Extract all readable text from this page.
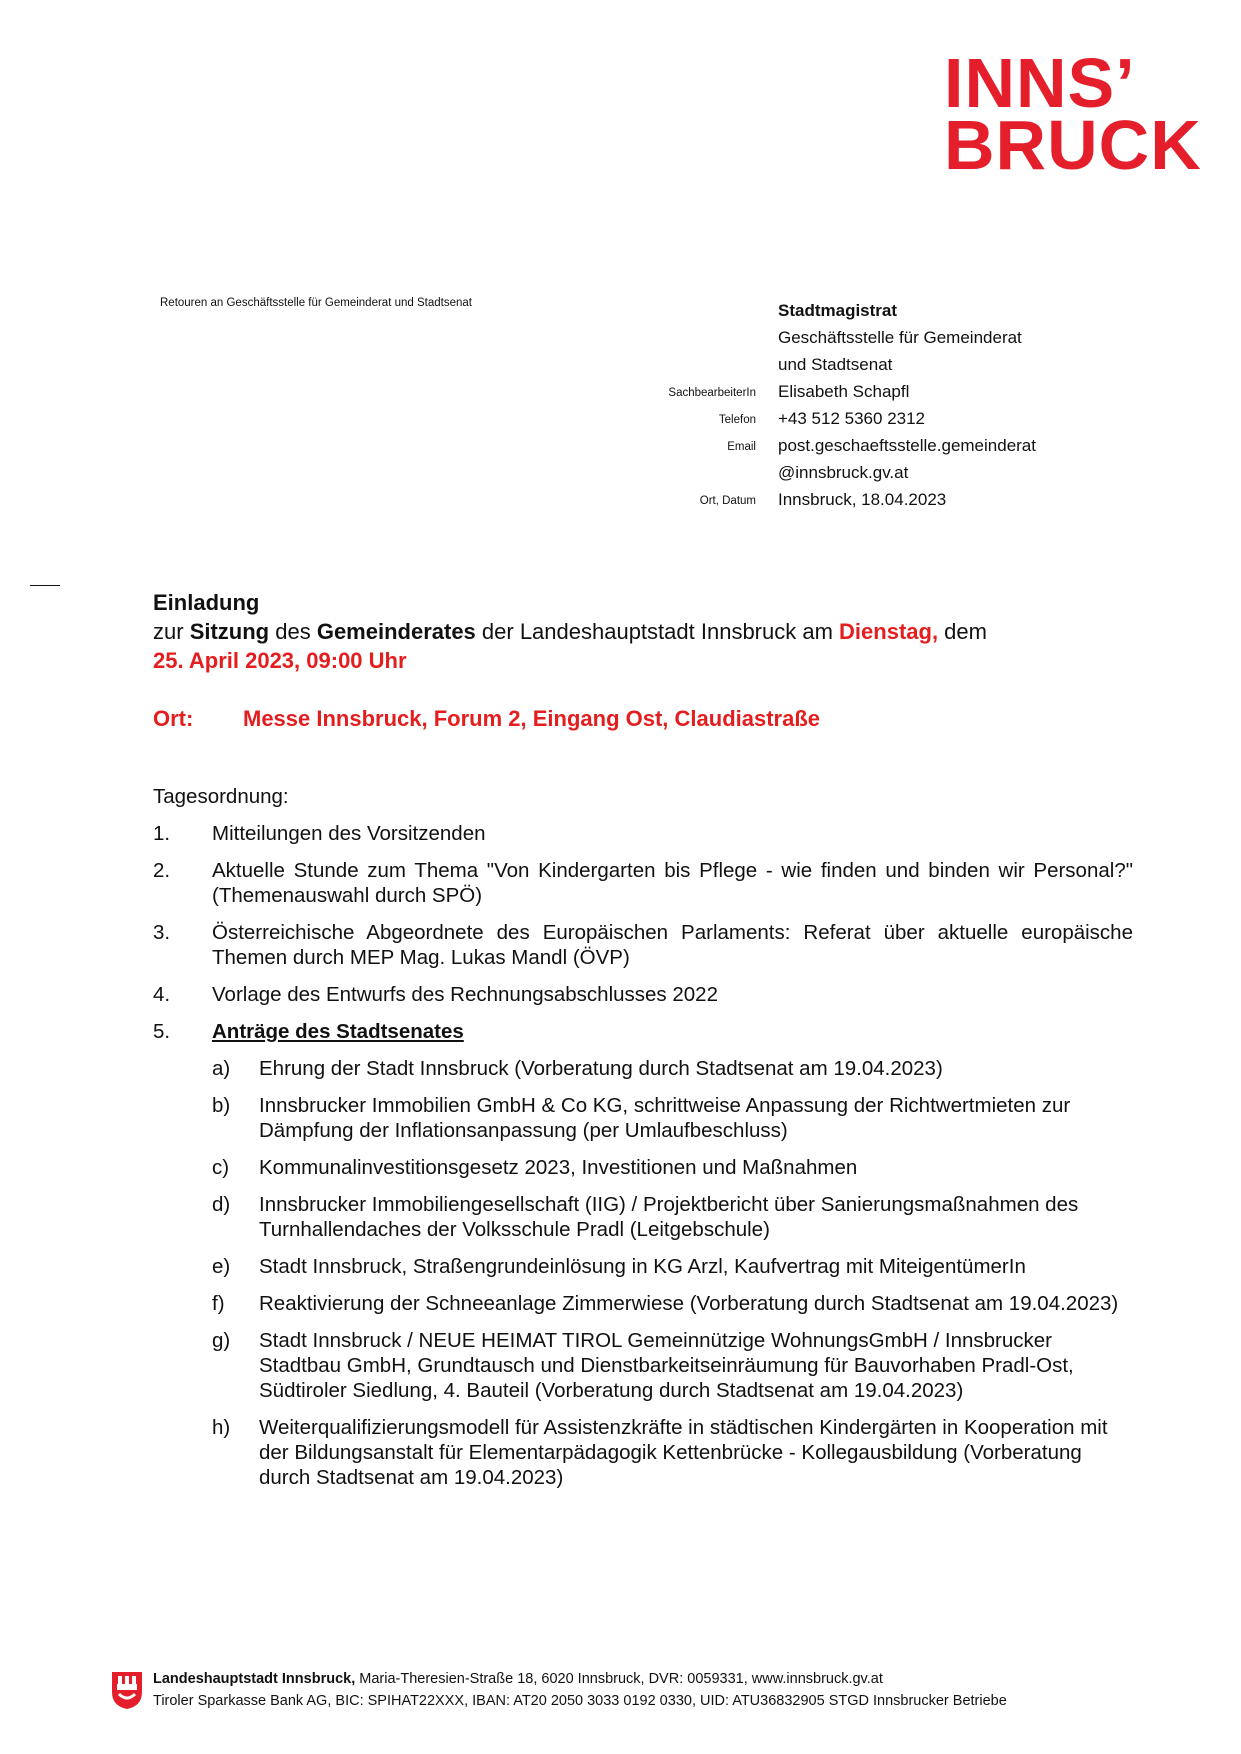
INNS’
BRUCK
Retouren an Geschäftsstelle für Gemeinderat und Stadtsenat	Stadtmagistrat
Geschäftsstelle für Gemeinderat
und Stadtsenat
SachbearbeiterIn	Elisabeth Schapfl
Telefon	+43 512 5360 2312
Email	post.geschaeftsstelle.gemeinderat
@innsbruck.gv.at
Ort, Datum	Innsbruck, 18.04.2023
Einladung
zur Sitzung des Gemeinderates der Landeshauptstadt Innsbruck am Dienstag, dem
25. April 2023, 09:00 Uhr
Ort: Messe Innsbruck, Forum 2, Eingang Ost, Claudiastraße
Tagesordnung:
1. Mitteilungen des Vorsitzenden
2. Aktuelle Stunde zum Thema "Von Kindergarten bis Pflege - wie finden und binden wir Personal?" (Themenauswahl durch SPÖ)
3. Österreichische Abgeordnete des Europäischen Parlaments: Referat über aktuelle europäische Themen durch MEP Mag. Lukas Mandl (ÖVP)
4. Vorlage des Entwurfs des Rechnungsabschlusses 2022
5. Anträge des Stadtsenates
a) Ehrung der Stadt Innsbruck (Vorberatung durch Stadtsenat am 19.04.2023)
b) Innsbrucker Immobilien GmbH & Co KG, schrittweise Anpassung der Richtwertmieten zur Dämpfung der Inflationsanpassung (per Umlaufbeschluss)
c) Kommunalinvestitionsgesetz 2023, Investitionen und Maßnahmen
d) Innsbrucker Immobiliengesellschaft (IIG) / Projektbericht über Sanierungsmaßnahmen des Turnhallendaches der Volksschule Pradl (Leitgebschule)
e) Stadt Innsbruck, Straßengrundeinlösung in KG Arzl, Kaufvertrag mit MiteigentümerIn
f) Reaktivierung der Schneeanlage Zimmerwiese (Vorberatung durch Stadtsenat am 19.04.2023)
g) Stadt Innsbruck / NEUE HEIMAT TIROL Gemeinnützige WohnungsGmbH / Innsbrucker Stadtbau GmbH, Grundtausch und Dienstbarkeitseinräumung für Bauvorhaben Pradl-Ost, Südtiroler Siedlung, 4. Bauteil (Vorberatung durch Stadtsenat am 19.04.2023)
h) Weiterqualifizierungsmodell für Assistenzkräfte in städtischen Kindergärten in Kooperation mit der Bildungsanstalt für Elementarpädagogik Kettenbrücke - Kollegausbildung (Vorberatung durch Stadtsenat am 19.04.2023)
Landeshauptstadt Innsbruck, Maria-Theresien-Straße 18, 6020 Innsbruck, DVR: 0059331, www.innsbruck.gv.at
Tiroler Sparkasse Bank AG, BIC: SPIHAT22XXX, IBAN: AT20 2050 3033 0192 0330, UID: ATU36832905 STGD Innsbrucker Betriebe
